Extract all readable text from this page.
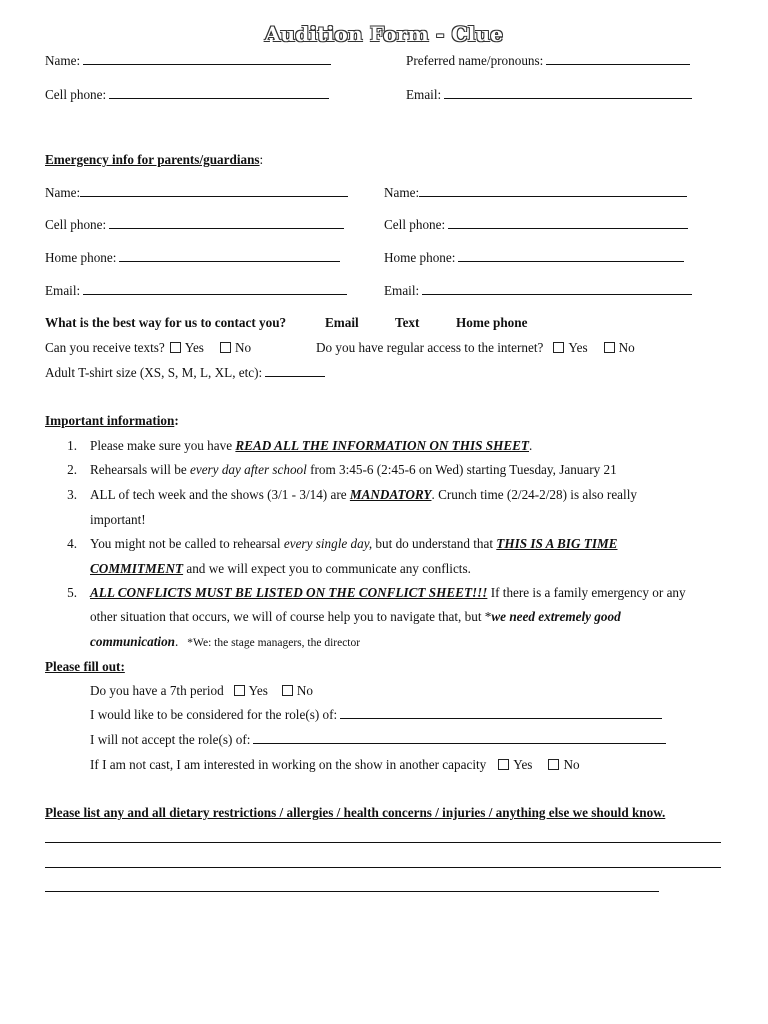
Audition Form - Clue
Name:	Preferred name/pronouns:
Cell phone:	Email:
Emergency info for parents/guardians:
Name:	Name:
Cell phone:	Cell phone:
Home phone:	Home phone:
Email:	Email:
What is the best way for us to contact you?	Email	Text	Home phone
Can you receive texts? Yes No	Do you have regular access to the internet? Yes No
Adult T-shirt size (XS, S, M, L, XL, etc):
Important information:
1. Please make sure you have READ ALL THE INFORMATION ON THIS SHEET.
2. Rehearsals will be every day after school from 3:45-6 (2:45-6 on Wed) starting Tuesday, January 21
3. ALL of tech week and the shows (3/1 - 3/14) are MANDATORY. Crunch time (2/24-2/28) is also really
important!
4. You might not be called to rehearsal every single day, but do understand that THIS IS A BIG TIME
COMMITMENT and we will expect you to communicate any conflicts.
5. ALL CONFLICTS MUST BE LISTED ON THE CONFLICT SHEET!!! If there is a family emergency or any
other situation that occurs, we will of course help you to navigate that, but *we need extremely good
communication. *We: the stage managers, the director
Please fill out:
Do you have a 7th period Yes No
I would like to be considered for the role(s) of:
I will not accept the role(s) of:
If I am not cast, I am interested in working on the show in another capacity Yes No
Please list any and all dietary restrictions / allergies / health concerns / injuries / anything else we should know.
